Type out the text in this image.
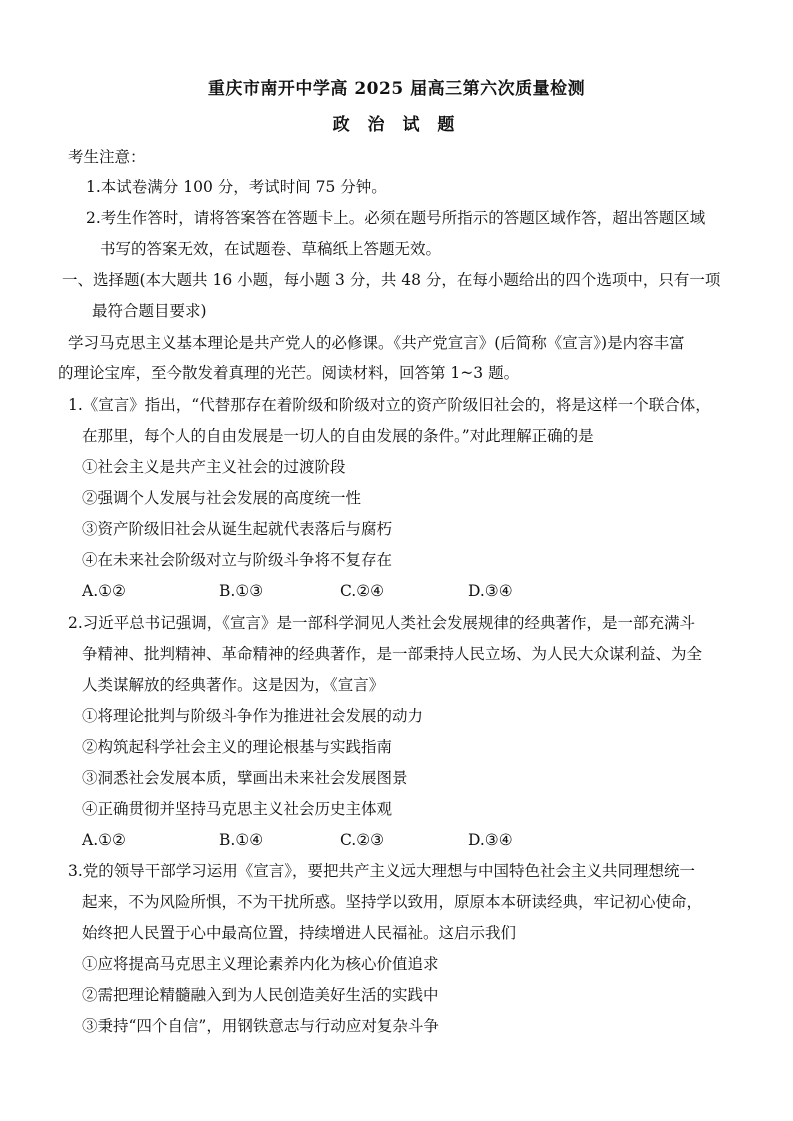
重庆市南开中学高 2025 届高三第六次质量检测
政 治 试 题
考生注意：
1.本试卷满分 100 分，考试时间 75 分钟。
2.考生作答时，请将答案答在答题卡上。必须在题号所指示的答题区域作答，超出答题区域
书写的答案无效，在试题卷、草稿纸上答题无效。
一、选择题(本大题共 16 小题，每小题 3 分，共 48 分，在每小题给出的四个选项中，只有一项
最符合题目要求)
学习马克思主义基本理论是共产党人的必修课。《共产党宣言》(后简称《宣言》)是内容丰富
的理论宝库，至今散发着真理的光芒。阅读材料，回答第 1~3 题。
1.《宣言》指出，“代替那存在着阶级和阶级对立的资产阶级旧社会的，将是这样一个联合体，
在那里，每个人的自由发展是一切人的自由发展的条件。”对此理解正确的是
①社会主义是共产主义社会的过渡阶段
②强调个人发展与社会发展的高度统一性
③资产阶级旧社会从诞生起就代表落后与腐朽
④在未来社会阶级对立与阶级斗争将不复存在
A.①②	B.①③	C.②④	D.③④
2.习近平总书记强调，《宣言》是一部科学洞见人类社会发展规律的经典著作，是一部充满斗
争精神、批判精神、革命精神的经典著作，是一部秉持人民立场、为人民大众谋利益、为全
人类谋解放的经典著作。这是因为，《宣言》
①将理论批判与阶级斗争作为推进社会发展的动力
②构筑起科学社会主义的理论根基与实践指南
③洞悉社会发展本质，擘画出未来社会发展图景
④正确贯彻并坚持马克思主义社会历史主体观
A.①②	B.①④	C.②③	D.③④
3.党的领导干部学习运用《宣言》，要把共产主义远大理想与中国特色社会主义共同理想统一
起来，不为风险所惧，不为干扰所惑。坚持学以致用，原原本本研读经典，牢记初心使命，
始终把人民置于心中最高位置，持续增进人民福祉。这启示我们
①应将提高马克思主义理论素养内化为核心价值追求
②需把理论精髓融入到为人民创造美好生活的实践中
③秉持“四个自信”，用钢铁意志与行动应对复杂斗争
